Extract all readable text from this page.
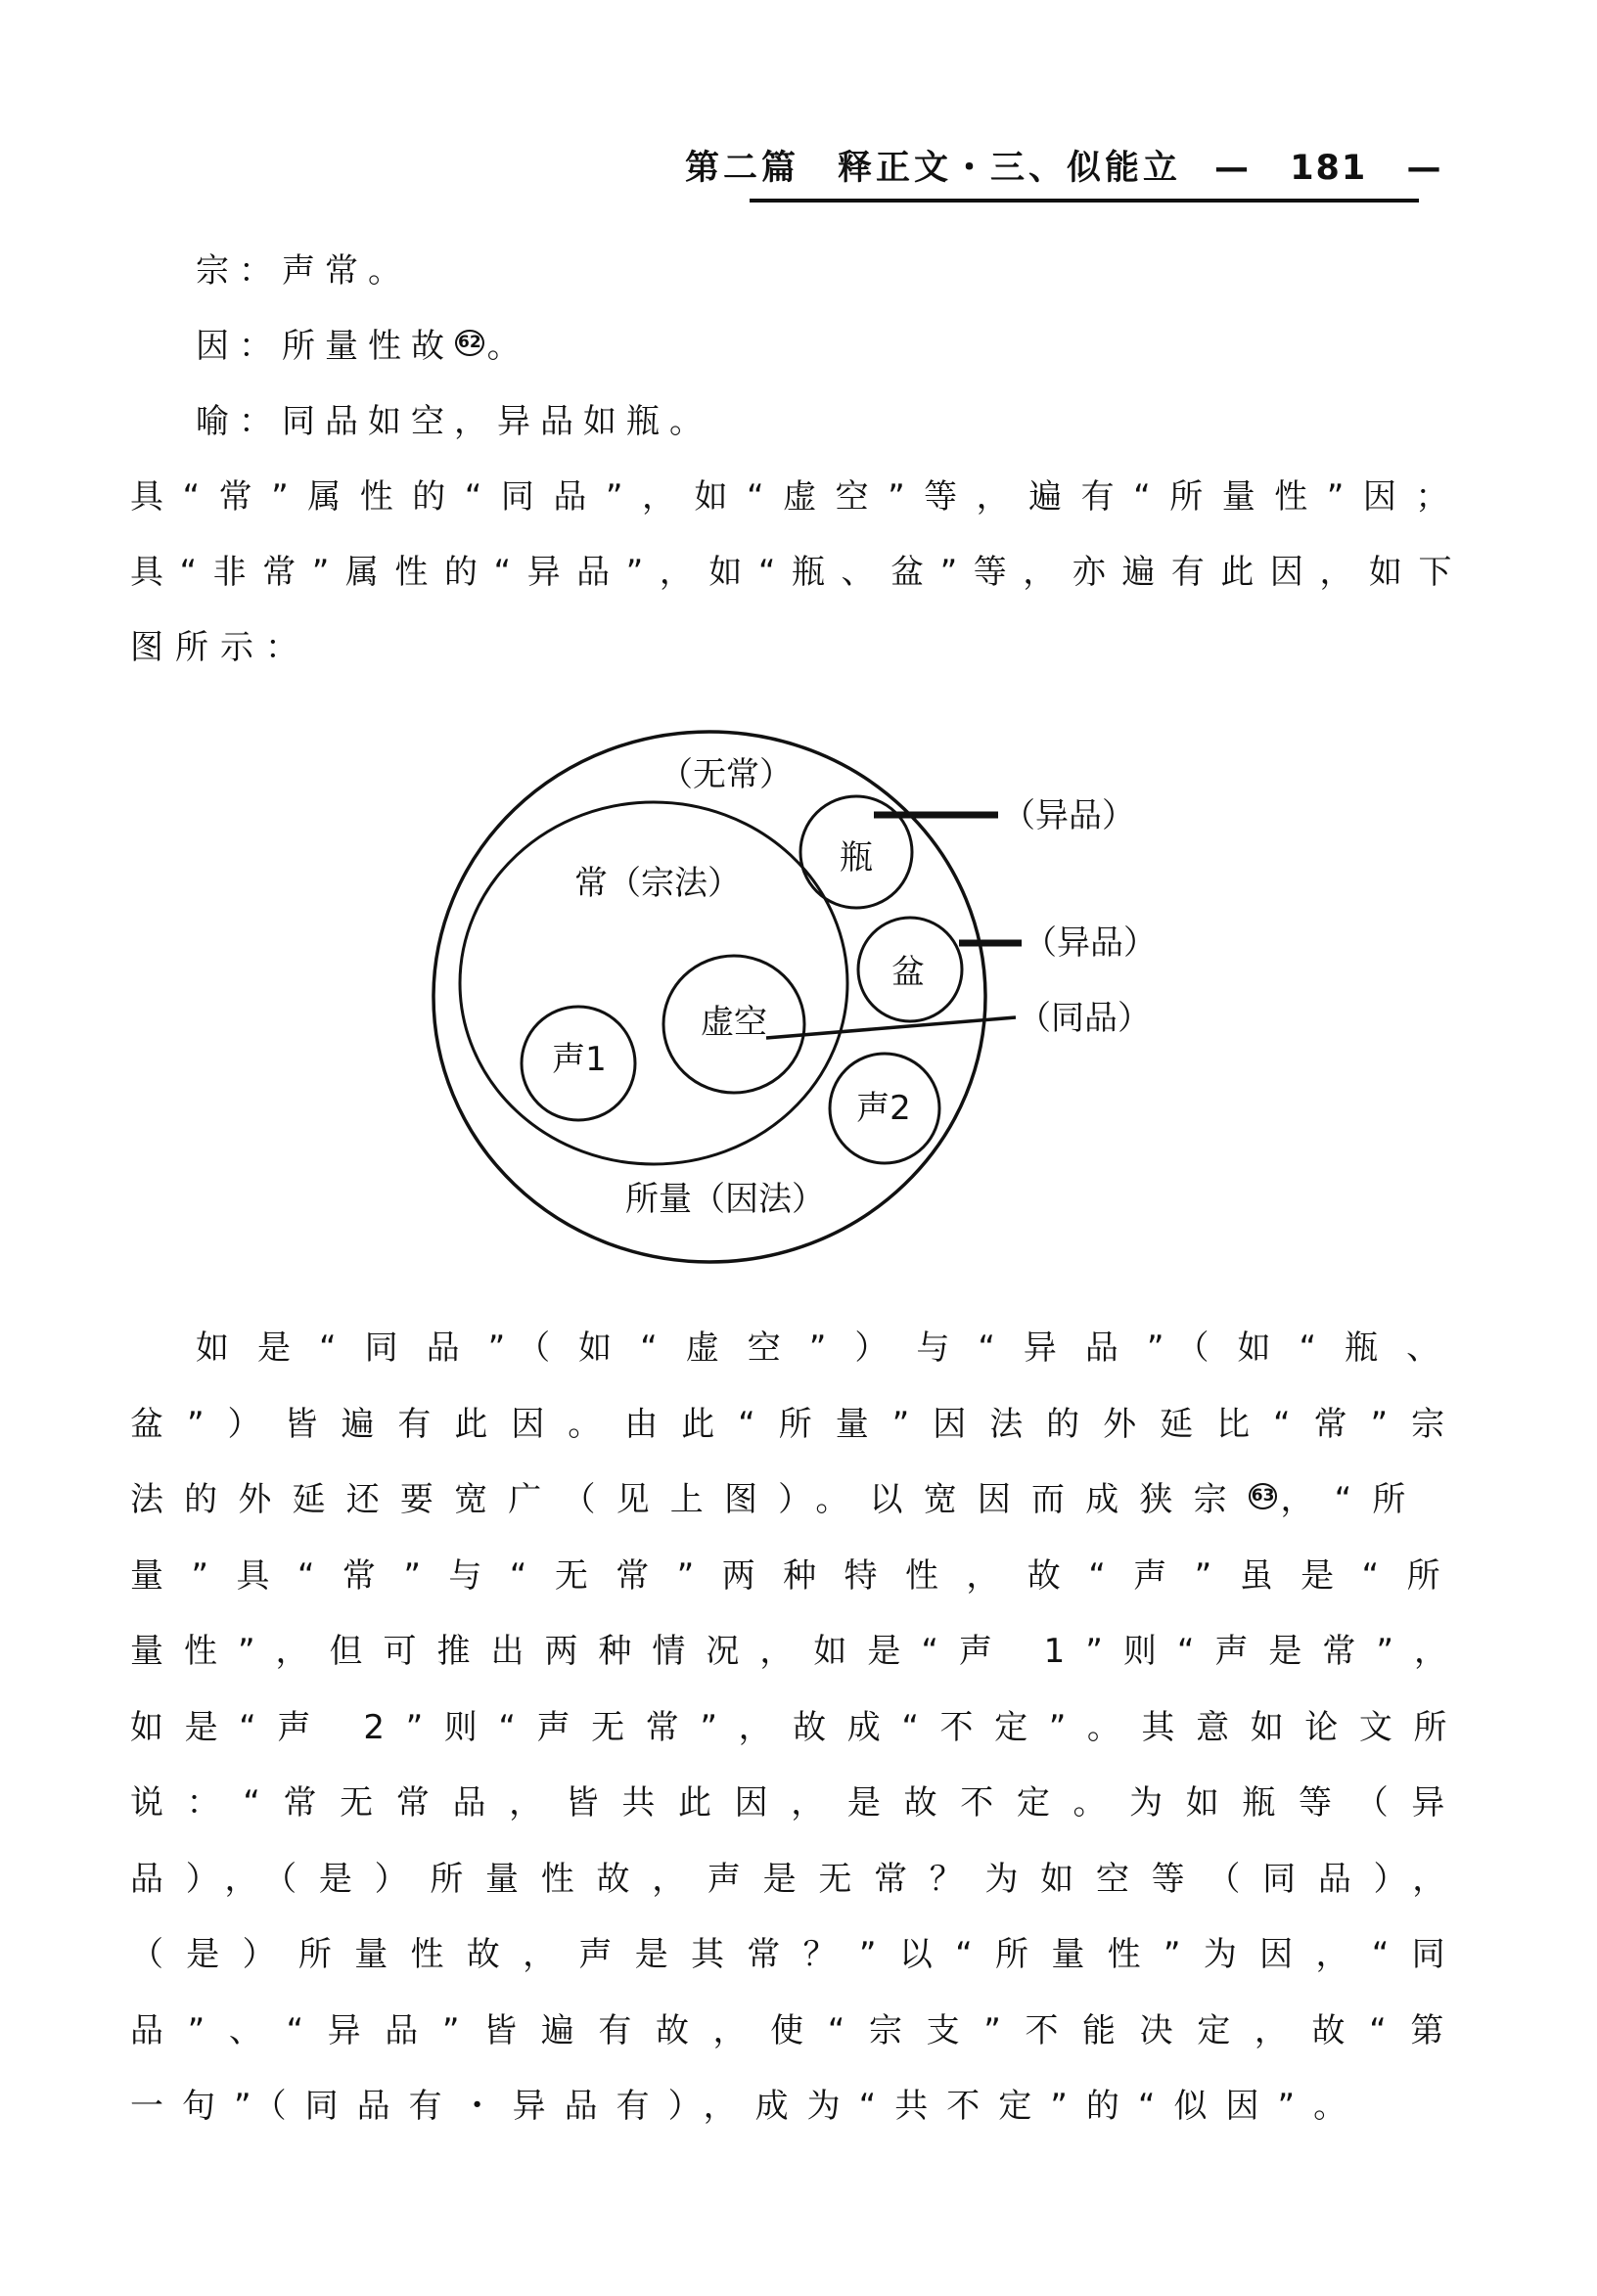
第二篇　释正文・三、似能立 — 181 —
宗：声常。
因：所量性故 62 。
喻：同品如空，异品如瓶。
具“常”属性的“同品”，如“虚空”等，遍有“所量性”因；
具“非常”属性的“异品”，如“瓶、盆”等，亦遍有此因，如下
图所示：
如是“同品”（如“虚空”）与“异品”（如“瓶、
盆”）皆遍有此因。由此“所量”因法的外延比“常”宗
法的外延还要宽广（见上图）。以宽因而成狭宗 63 ，“所
量”具“常”与“无常”两种特性，故“声”虽是“所
量性”，但可推出两种情况，如是“声 1”则“声是常”，
如是“声 2”则“声无常”，故成“不定”。其意如论文所
说：“常无常品，皆共此因，是故不定。为如瓶等（异
品），（是）所量性故，声是无常？为如空等（同品），
（是）所量性故，声是其常？”以“所量性”为因，“同
品”、“异品”皆遍有故，使“宗支”不能决定，故“第
一句”（同品有・异品有），成为“共不定”的“似因”。
（无常）
常（宗法）
所量（因法）
瓶
盆
虚空
声1
声2
（异品）
（异品）
（同品）
